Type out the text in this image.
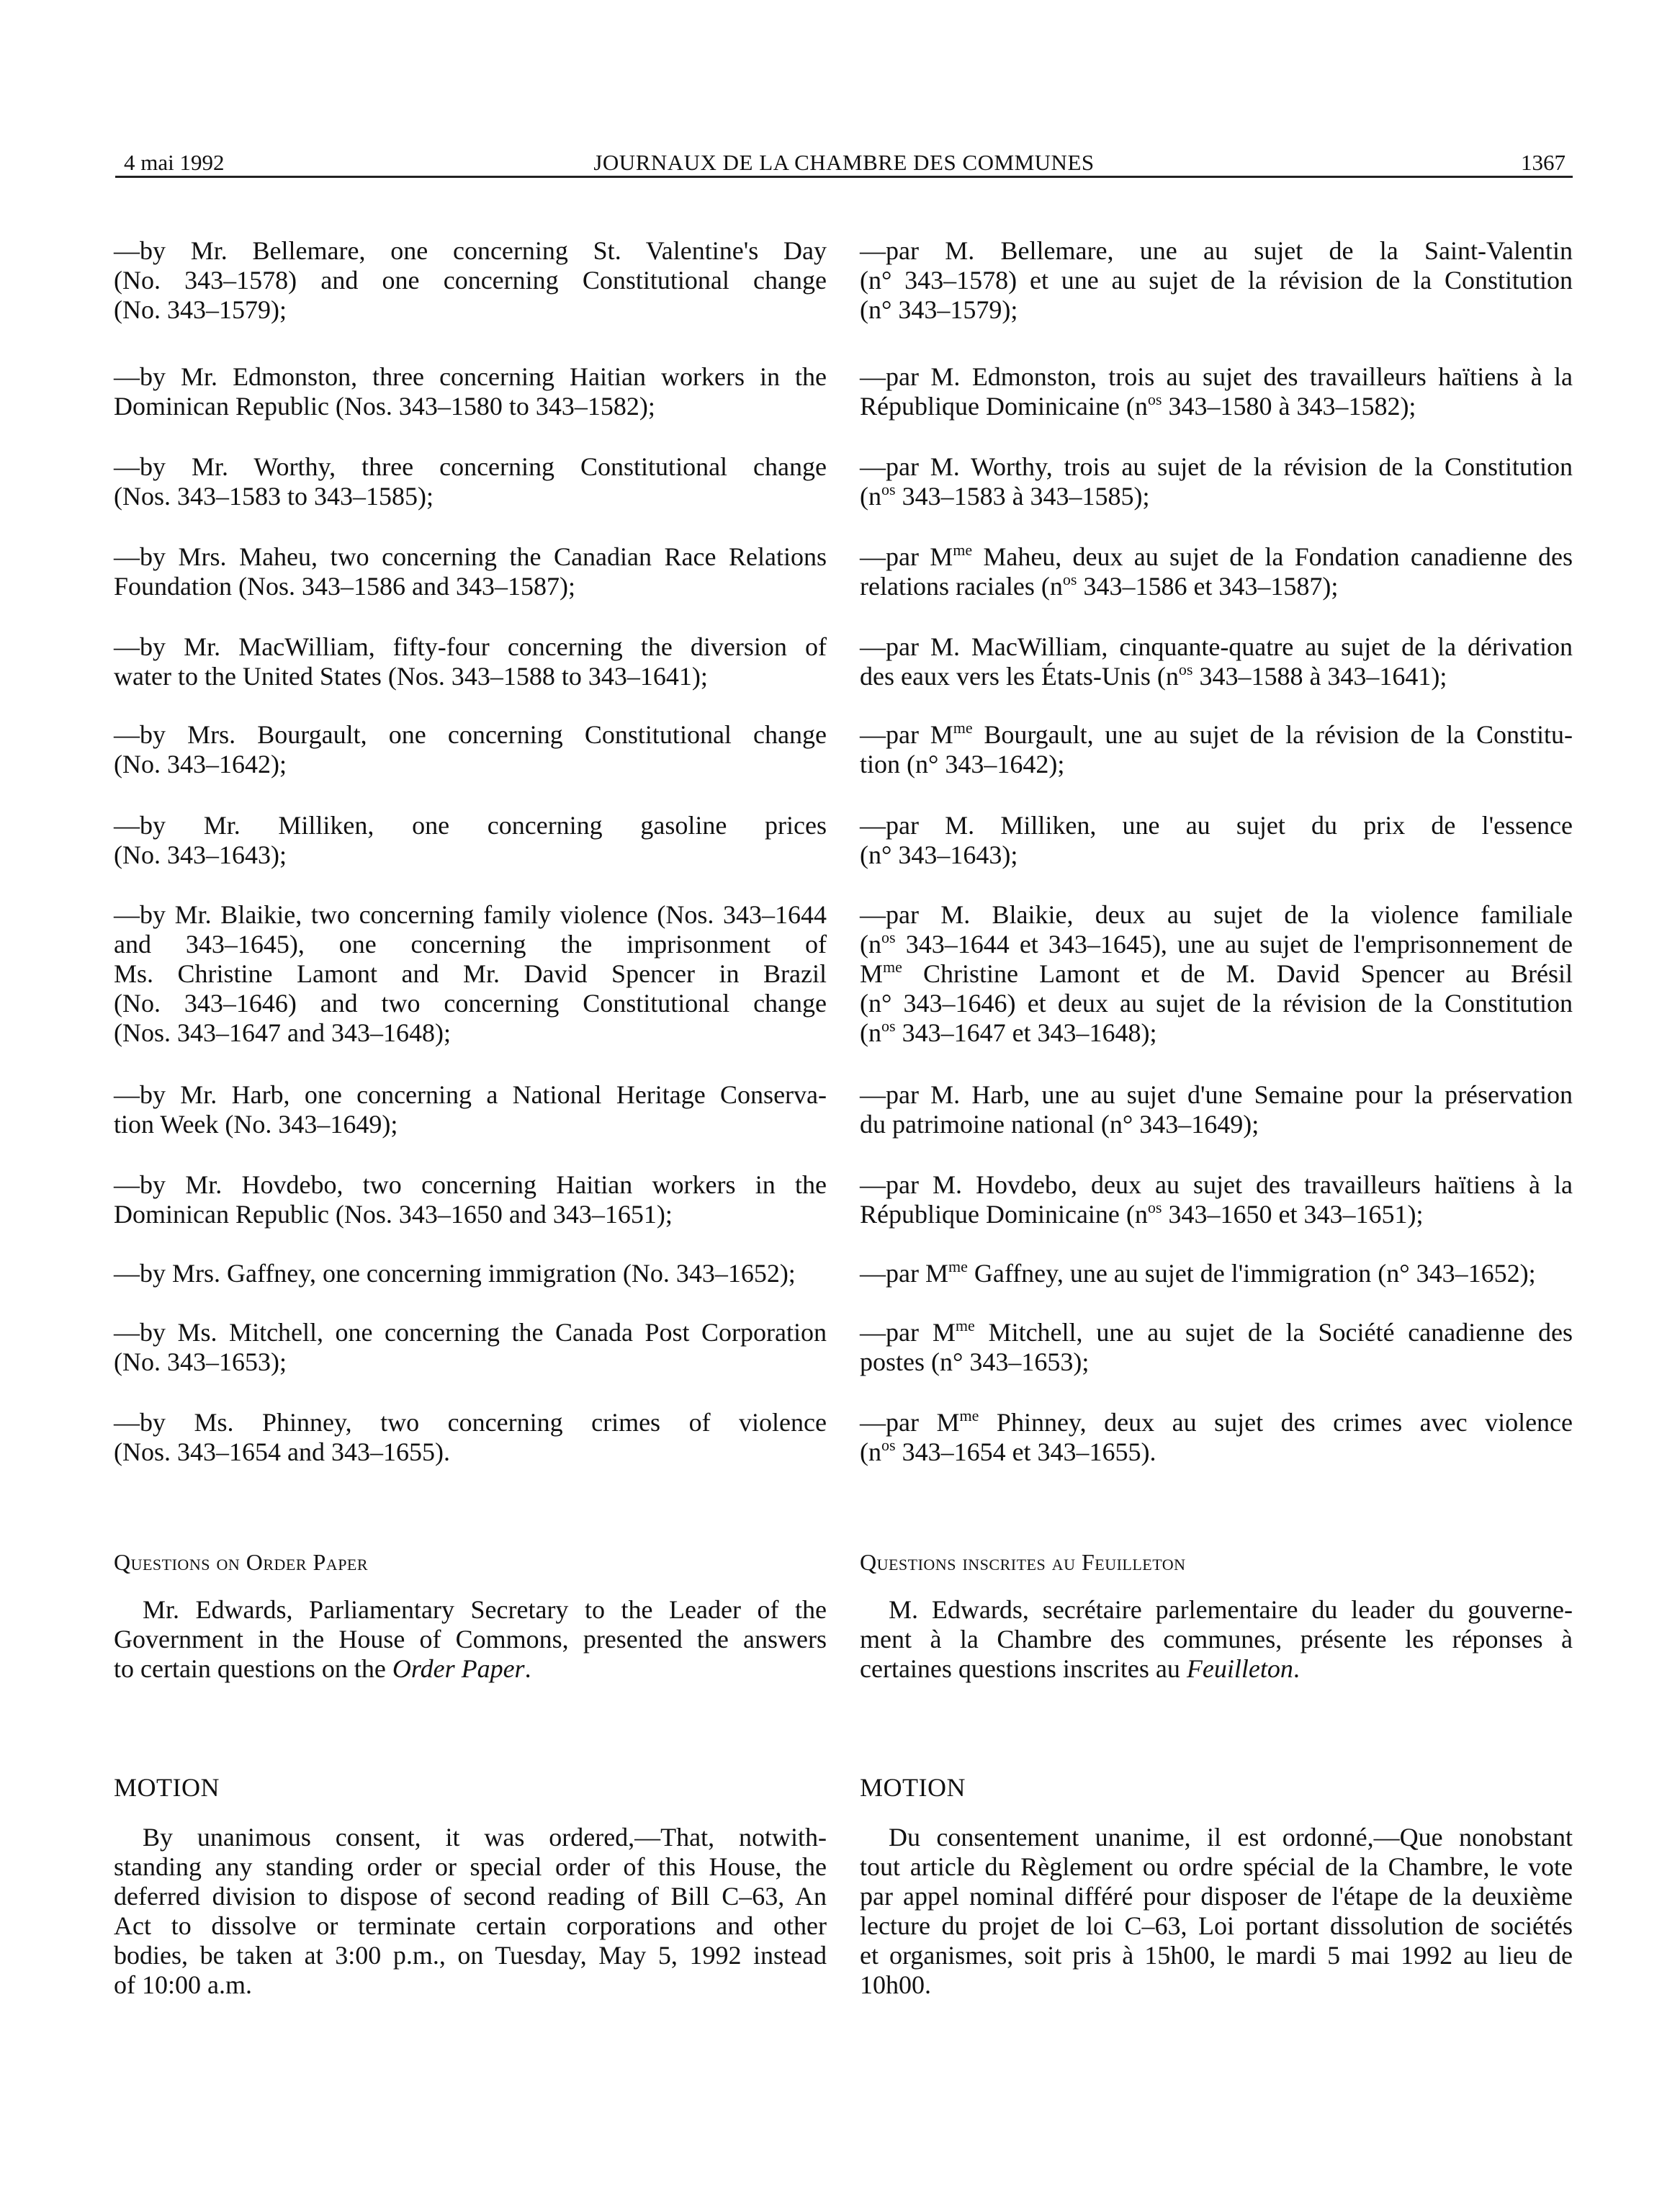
4 mai 1992	JOURNAUX DE LA CHAMBRE DES COMMUNES	1367
—by Mr. Bellemare, one concerning St. Valentine's Day
(No. 343–1578) and one concerning Constitutional change
(No. 343–1579);
—by Mr. Edmonston, three concerning Haitian workers in the
Dominican Republic (Nos. 343–1580 to 343–1582);
—by Mr. Worthy, three concerning Constitutional change
(Nos. 343–1583 to 343–1585);
—by Mrs. Maheu, two concerning the Canadian Race Relations
Foundation (Nos. 343–1586 and 343–1587);
—by Mr. MacWilliam, fifty-four concerning the diversion of
water to the United States (Nos. 343–1588 to 343–1641);
—by Mrs. Bourgault, one concerning Constitutional change
(No. 343–1642);
—by Mr. Milliken, one concerning gasoline prices
(No. 343–1643);
—by Mr. Blaikie, two concerning family violence (Nos. 343–1644
and 343–1645), one concerning the imprisonment of
Ms. Christine Lamont and Mr. David Spencer in Brazil
(No. 343–1646) and two concerning Constitutional change
(Nos. 343–1647 and 343–1648);
—by Mr. Harb, one concerning a National Heritage Conserva-
tion Week (No. 343–1649);
—by Mr. Hovdebo, two concerning Haitian workers in the
Dominican Republic (Nos. 343–1650 and 343–1651);
—by Mrs. Gaffney, one concerning immigration (No. 343–1652);
—by Ms. Mitchell, one concerning the Canada Post Corporation
(No. 343–1653);
—by Ms. Phinney, two concerning crimes of violence
(Nos. 343–1654 and 343–1655).
Questions on Order Paper
Mr. Edwards, Parliamentary Secretary to the Leader of the
Government in the House of Commons, presented the answers
to certain questions on the Order Paper.
MOTION
By unanimous consent, it was ordered,—That, notwith-
standing any standing order or special order of this House, the
deferred division to dispose of second reading of Bill C–63, An
Act to dissolve or terminate certain corporations and other
bodies, be taken at 3:00 p.m., on Tuesday, May 5, 1992 instead
of 10:00 a.m.
—par M. Bellemare, une au sujet de la Saint-Valentin
(n° 343–1578) et une au sujet de la révision de la Constitution
(n° 343–1579);
—par M. Edmonston, trois au sujet des travailleurs haïtiens à la
République Dominicaine ($n^{os}$ 343–1580 à 343–1582);
—par M. Worthy, trois au sujet de la révision de la Constitution
($n^{os}$ 343–1583 à 343–1585);
—par $M^{me}$ Maheu, deux au sujet de la Fondation canadienne des
relations raciales ($n^{os}$ 343–1586 et 343–1587);
—par M. MacWilliam, cinquante-quatre au sujet de la dérivation
des eaux vers les États-Unis ($n^{os}$ 343–1588 à 343–1641);
—par $M^{me}$ Bourgault, une au sujet de la révision de la Constitu-
tion (n° 343–1642);
—par M. Milliken, une au sujet du prix de l'essence
(n° 343–1643);
—par M. Blaikie, deux au sujet de la violence familiale
($n^{os}$ 343–1644 et 343–1645), une au sujet de l'emprisonnement de
$M^{me}$ Christine Lamont et de M. David Spencer au Brésil
(n° 343–1646) et deux au sujet de la révision de la Constitution
($n^{os}$ 343–1647 et 343–1648);
—par M. Harb, une au sujet d'une Semaine pour la préservation
du patrimoine national (n° 343–1649);
—par M. Hovdebo, deux au sujet des travailleurs haïtiens à la
République Dominicaine ($n^{os}$ 343–1650 et 343–1651);
—par $M^{me}$ Gaffney, une au sujet de l'immigration (n° 343–1652);
—par $M^{me}$ Mitchell, une au sujet de la Société canadienne des
postes (n° 343–1653);
—par $M^{me}$ Phinney, deux au sujet des crimes avec violence
($n^{os}$ 343–1654 et 343–1655).
Questions inscrites au Feuilleton
M. Edwards, secrétaire parlementaire du leader du gouverne-
ment à la Chambre des communes, présente les réponses à
certaines questions inscrites au Feuilleton.
MOTION
Du consentement unanime, il est ordonné,—Que nonobstant
tout article du Règlement ou ordre spécial de la Chambre, le vote
par appel nominal différé pour disposer de l'étape de la deuxième
lecture du projet de loi C–63, Loi portant dissolution de sociétés
et organismes, soit pris à 15h00, le mardi 5 mai 1992 au lieu de
10h00.
